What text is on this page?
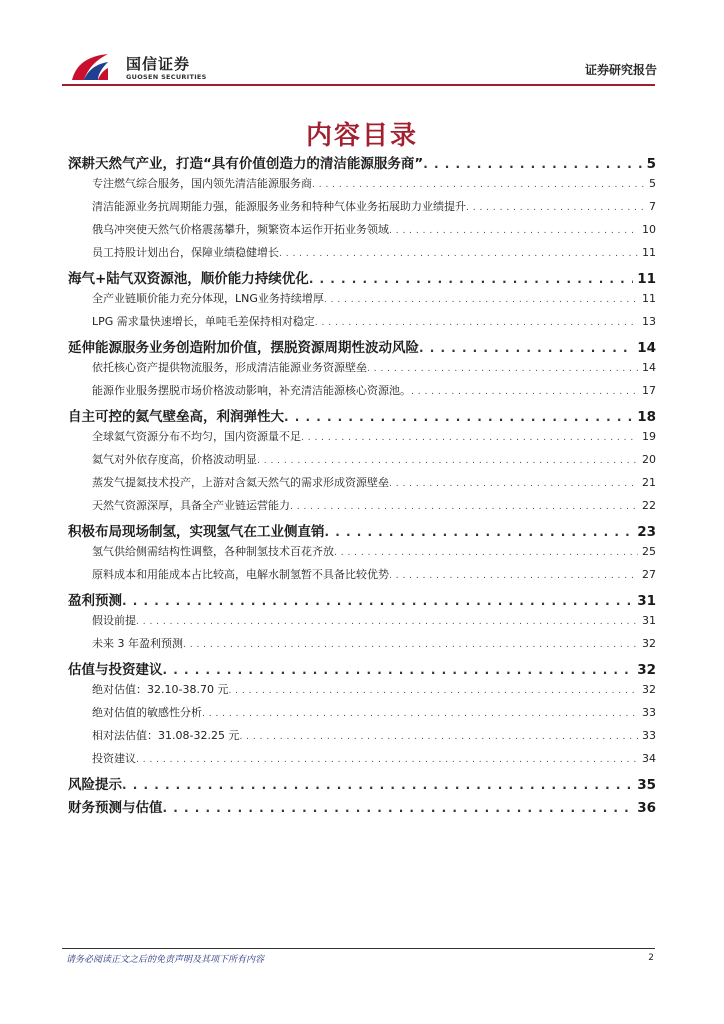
国信证券
GUOSEN SECURITIES	证券研究报告
内容目录
深耕天然气产业，打造“具有价值创造力的清洁能源服务商” . . .	5
专注燃气综合服务，国内领先清洁能源服务商 . . .	5
清洁能源业务抗周期能力强，能源服务业务和特种气体业务拓展助力业绩提升 . . .	7
俄乌冲突使天然气价格震荡攀升，频繁资本运作开拓业务领域 . . .	10
员工持股计划出台，保障业绩稳健增长 . . .	11
海气+陆气双资源池，顺价能力持续优化 . . .	11
全产业链顺价能力充分体现，LNG业务持续增厚 . . .	11
LPG 需求量快速增长，单吨毛差保持相对稳定 . . .	13
延伸能源服务业务创造附加价值，摆脱资源周期性波动风险 . . .	14
依托核心资产提供物流服务，形成清洁能源业务资源壁垒 . . .	14
能源作业服务摆脱市场价格波动影响，补充清洁能源核心资源池。 . . .	17
自主可控的氦气壁垒高，利润弹性大 . . .	18
全球氦气资源分布不均匀，国内资源量不足 . . .	19
氦气对外依存度高，价格波动明显 . . .	20
蒸发气提氦技术投产，上游对含氦天然气的需求形成资源壁垒 . . .	21
天然气资源深厚，具备全产业链运营能力 . . .	22
积极布局现场制氢，实现氢气在工业侧直销 . . .	23
氢气供给侧需结构性调整，各种制氢技术百花齐放 . . .	25
原料成本和用能成本占比较高，电解水制氢暂不具备比较优势 . . .	27
盈利预测 . . .	31
假设前提 . . .	31
未来 3 年盈利预测 . . .	32
估值与投资建议 . . .	32
绝对估值：32.10-38.70 元 . . .	32
绝对估值的敏感性分析 . . .	33
相对法估值：31.08-32.25 元 . . .	33
投资建议 . . .	34
风险提示 . . .	35
财务预测与估值 . . .	36
请务必阅读正文之后的免责声明及其项下所有内容	2
